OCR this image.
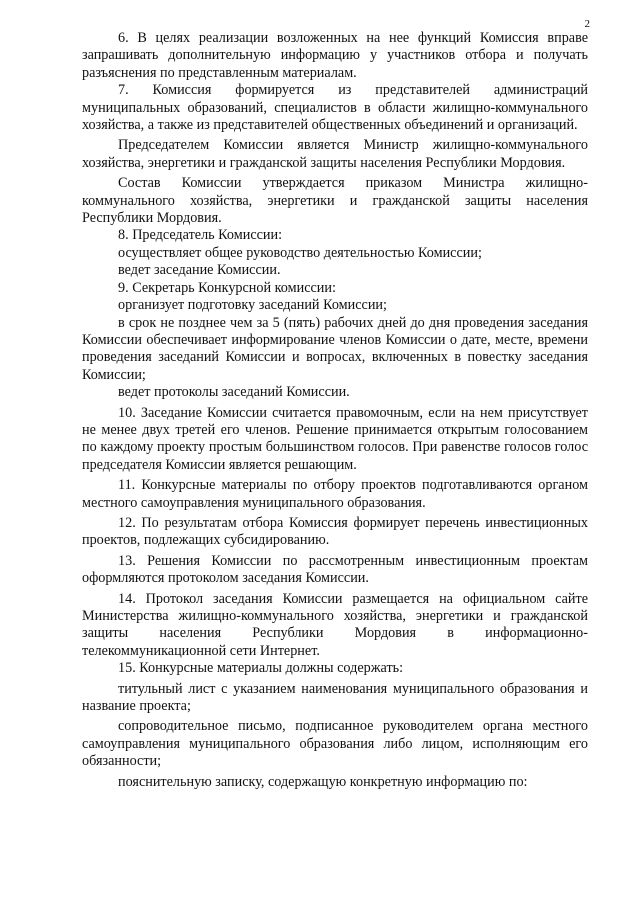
2

6. В целях реализации возложенных на нее функций Комиссия вправе запрашивать дополнительную информацию у участников отбора и получать разъяснения по представленным материалам.

7. Комиссия формируется из представителей администраций муниципальных образований, специалистов в области жилищно-коммунального хозяйства, а также из представителей общественных объединений и организаций.

Председателем Комиссии является Министр жилищно-коммунального хозяйства, энергетики и гражданской защиты населения Республики Мордовия.

Состав Комиссии утверждается приказом Министра жилищно-коммунального хозяйства, энергетики и гражданской защиты населения Республики Мордовия.

8. Председатель Комиссии:

осуществляет общее руководство деятельностью Комиссии;

ведет заседание Комиссии.

9. Секретарь Конкурсной комиссии:

организует подготовку заседаний Комиссии;

в срок не позднее чем за 5 (пять) рабочих дней до дня проведения заседания Комиссии обеспечивает информирование членов Комиссии о дате, месте, времени проведения заседаний Комиссии и вопросах, включенных в повестку заседания Комиссии;

ведет протоколы заседаний Комиссии.

10. Заседание Комиссии считается правомочным, если на нем присутствует не менее двух третей его членов. Решение принимается открытым голосованием по каждому проекту простым большинством голосов. При равенстве голосов голос председателя Комиссии является решающим.

11. Конкурсные материалы по отбору проектов подготавливаются органом местного самоуправления муниципального образования.

12. По результатам отбора Комиссия формирует перечень инвестиционных проектов, подлежащих субсидированию.

13. Решения Комиссии по рассмотренным инвестиционным проектам оформляются протоколом заседания Комиссии.

14. Протокол заседания Комиссии размещается на официальном сайте Министерства жилищно-коммунального хозяйства, энергетики и гражданской защиты населения Республики Мордовия в информационно-телекоммуникационной сети Интернет.

15. Конкурсные материалы должны содержать:

титульный лист с указанием наименования муниципального образования и название проекта;

сопроводительное письмо, подписанное руководителем органа местного самоуправления муниципального образования либо лицом, исполняющим его обязанности;

пояснительную записку, содержащую конкретную информацию по:
